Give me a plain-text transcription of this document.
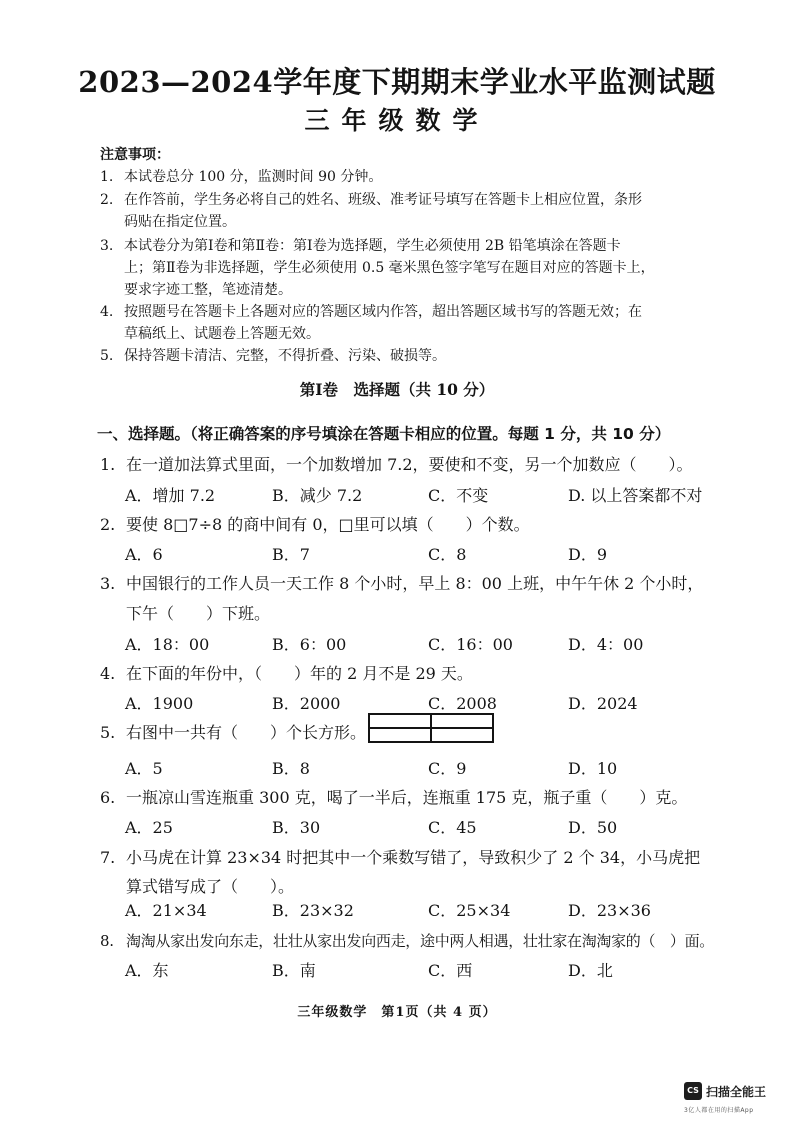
2023—2024学年度下期期末学业水平监测试题
三年级数学
注意事项：
1. 本试卷总分 100 分，监测时间 90 分钟。
2. 在作答前，学生务必将自己的姓名、班级、准考证号填写在答题卡上相应位置，条形
码贴在指定位置。
3. 本试卷分为第Ⅰ卷和第Ⅱ卷：第Ⅰ卷为选择题，学生必须使用 2B 铅笔填涂在答题卡
上；第Ⅱ卷为非选择题，学生必须使用 0.5 毫米黑色签字笔写在题目对应的答题卡上，
要求字迹工整，笔迹清楚。
4. 按照题号在答题卡上各题对应的答题区域内作答，超出答题区域书写的答题无效；在
草稿纸上、试题卷上答题无效。
5. 保持答题卡清洁、完整，不得折叠、污染、破损等。
第Ⅰ卷　选择题（共 10 分）
一、选择题。（将正确答案的序号填涂在答题卡相应的位置。每题 1 分，共 10 分）
1. 在一道加法算式里面，一个加数增加 7.2，要使和不变，另一个加数应（　　）。
A．增加 7.2	B．减少 7.2	C．不变	D. 以上答案都不对
2. 要使 8□7÷8 的商中间有 0，□里可以填（　　）个数。
A．6	B．7	C．8	D．9
3. 中国银行的工作人员一天工作 8 个小时，早上 8：00 上班，中午午休 2 个小时，
下午（　　）下班。
A．18：00	B．6：00	C．16：00	D．4：00
4. 在下面的年份中，（　　）年的 2 月不是 29 天。
A．1900	B．2000	C．2008	D．2024
5. 右图中一共有（　　）个长方形。
A．5	B．8	C．9	D．10
6. 一瓶凉山雪连瓶重 300 克，喝了一半后，连瓶重 175 克，瓶子重（　　）克。
A．25	B．30	C．45	D．50
7. 小马虎在计算 23×34 时把其中一个乘数写错了，导致积少了 2 个 34，小马虎把
算式错写成了（　　）。
A．21×34	B．23×32	C．25×34	D．23×36
8. 淘淘从家出发向东走，壮壮从家出发向西走，途中两人相遇，壮壮家在淘淘家的（　）面。
A．东	B．南	C．西	D．北
三年级数学　第1页（共 4 页）
CS 扫描全能王
3亿人都在用的扫描App
